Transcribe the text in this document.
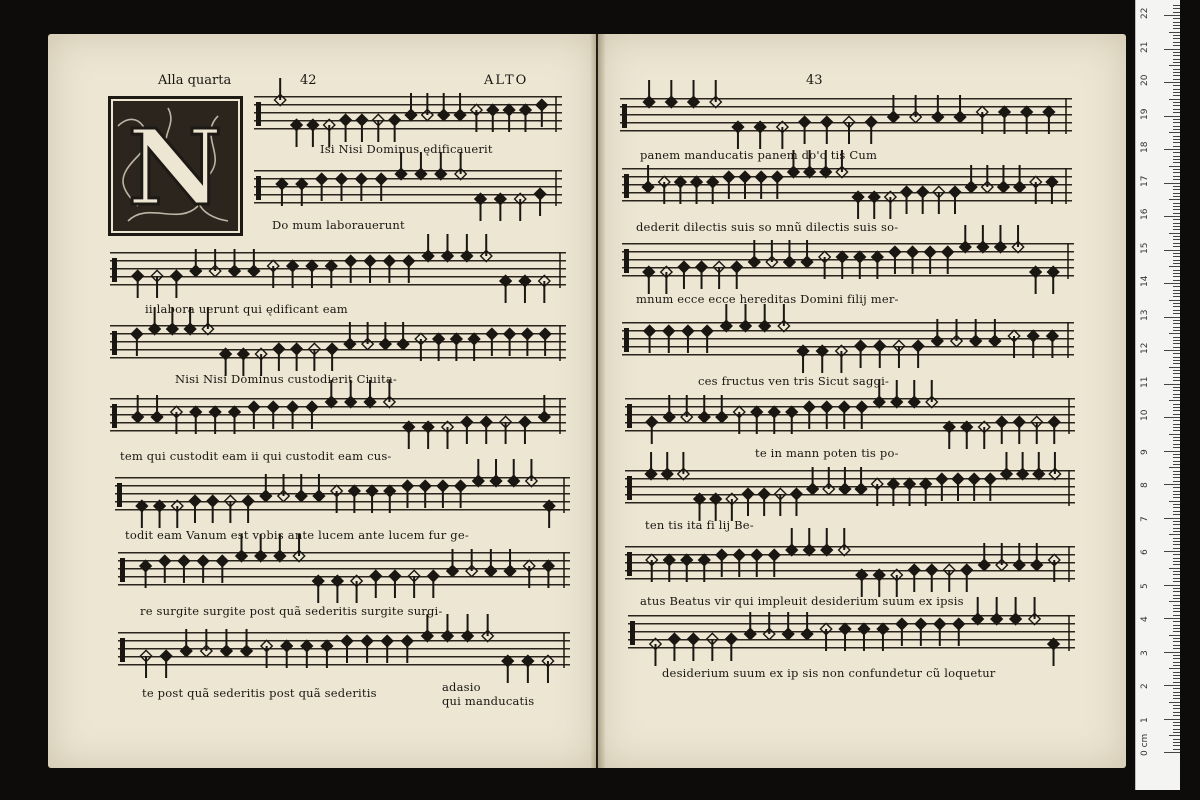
Alla quarta	42	ALTO
N	Isi Nisi Dominus ędificauerit
Do mum laborauerunt
ii labora uerunt qui ędificant eam
Nisi Nisi Dominus custodierit Ciuita-
tem qui custodit eam ii qui custodit eam cus-
todit eam Vanum est vobis ante lucem ante lucem fur ge-
re surgite surgite post quã sederitis surgite surgi-
te post quã sederitis post quã sederitis	adasio
qui manducatis
43
panem manducatis panem do'o tis Cum
dederit dilectis suis so mnũ dilectis suis so-
mnum ecce ecce hereditas Domini filij mer-
ces fructus ven tris Sicut saggi-
te in mann poten tis po-
ten tis ita fi lij Be-
atus Beatus vir qui impleuit desiderium suum ex ipsis
desiderium suum ex ip sis non confundetur cũ loquetur
0 cm
1
2
3
4
5
6
7
8
9
10
11
12
13
14
15
16
17
18
19
20
21
22
